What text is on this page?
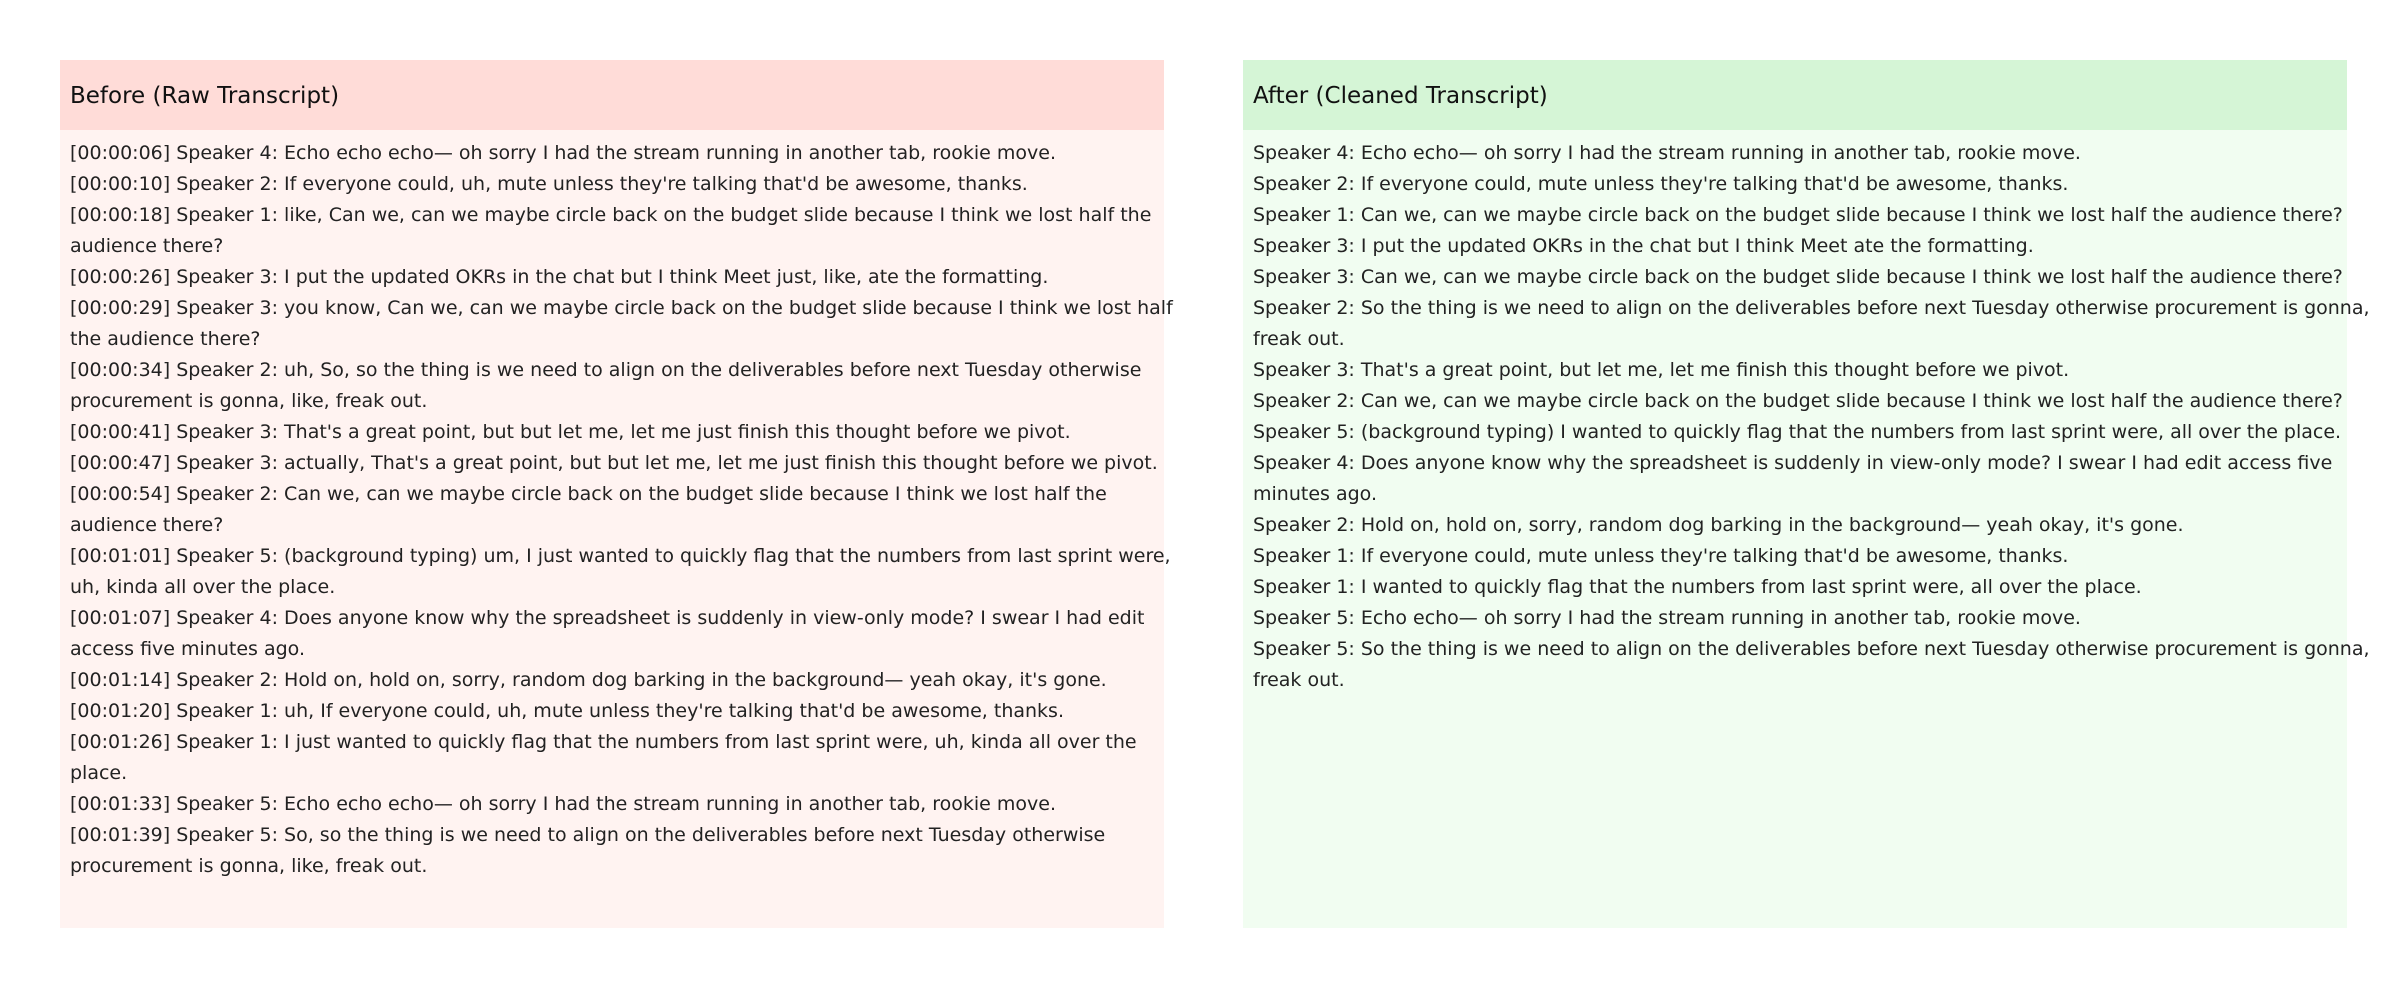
Before (Raw Transcript)

[00:00:06] Speaker 4: Echo echo echo— oh sorry I had the stream running in another tab, rookie move.

[00:00:10] Speaker 2: If everyone could, uh, mute unless they're talking that'd be awesome, thanks.

[00:00:18] Speaker 1: like, Can we, can we maybe circle back on the budget slide because I think we lost half the audience there?

[00:00:26] Speaker 3: I put the updated OKRs in the chat but I think Meet just, like, ate the formatting.

[00:00:29] Speaker 3: you know, Can we, can we maybe circle back on the budget slide because I think we lost half the audience there?

[00:00:34] Speaker 2: uh, So, so the thing is we need to align on the deliverables before next Tuesday otherwise procurement is gonna, like, freak out.

[00:00:41] Speaker 3: That's a great point, but but let me, let me just finish this thought before we pivot.

[00:00:47] Speaker 3: actually, That's a great point, but but let me, let me just finish this thought before we pivot.

[00:00:54] Speaker 2: Can we, can we maybe circle back on the budget slide because I think we lost half the audience there?

[00:01:01] Speaker 5: (background typing) um, I just wanted to quickly flag that the numbers from last sprint were, uh, kinda all over the place.

[00:01:07] Speaker 4: Does anyone know why the spreadsheet is suddenly in view-only mode? I swear I had edit access five minutes ago.

[00:01:14] Speaker 2: Hold on, hold on, sorry, random dog barking in the background— yeah okay, it's gone.

[00:01:20] Speaker 1: uh, If everyone could, uh, mute unless they're talking that'd be awesome, thanks.

[00:01:26] Speaker 1: I just wanted to quickly flag that the numbers from last sprint were, uh, kinda all over the place.

[00:01:33] Speaker 5: Echo echo echo— oh sorry I had the stream running in another tab, rookie move.

[00:01:39] Speaker 5: So, so the thing is we need to align on the deliverables before next Tuesday otherwise procurement is gonna, like, freak out.

After (Cleaned Transcript)

Speaker 4: Echo echo— oh sorry I had the stream running in another tab, rookie move.

Speaker 2: If everyone could, mute unless they're talking that'd be awesome, thanks.

Speaker 1: Can we, can we maybe circle back on the budget slide because I think we lost half the audience there?

Speaker 3: I put the updated OKRs in the chat but I think Meet ate the formatting.

Speaker 3: Can we, can we maybe circle back on the budget slide because I think we lost half the audience there?

Speaker 2: So the thing is we need to align on the deliverables before next Tuesday otherwise procurement is gonna, freak out.

Speaker 3: That's a great point, but let me, let me finish this thought before we pivot.

Speaker 2: Can we, can we maybe circle back on the budget slide because I think we lost half the audience there?

Speaker 5: (background typing) I wanted to quickly flag that the numbers from last sprint were, all over the place.

Speaker 4: Does anyone know why the spreadsheet is suddenly in view-only mode? I swear I had edit access five minutes ago.

Speaker 2: Hold on, hold on, sorry, random dog barking in the background— yeah okay, it's gone.

Speaker 1: If everyone could, mute unless they're talking that'd be awesome, thanks.

Speaker 1: I wanted to quickly flag that the numbers from last sprint were, all over the place.

Speaker 5: Echo echo— oh sorry I had the stream running in another tab, rookie move.

Speaker 5: So the thing is we need to align on the deliverables before next Tuesday otherwise procurement is gonna, freak out.
